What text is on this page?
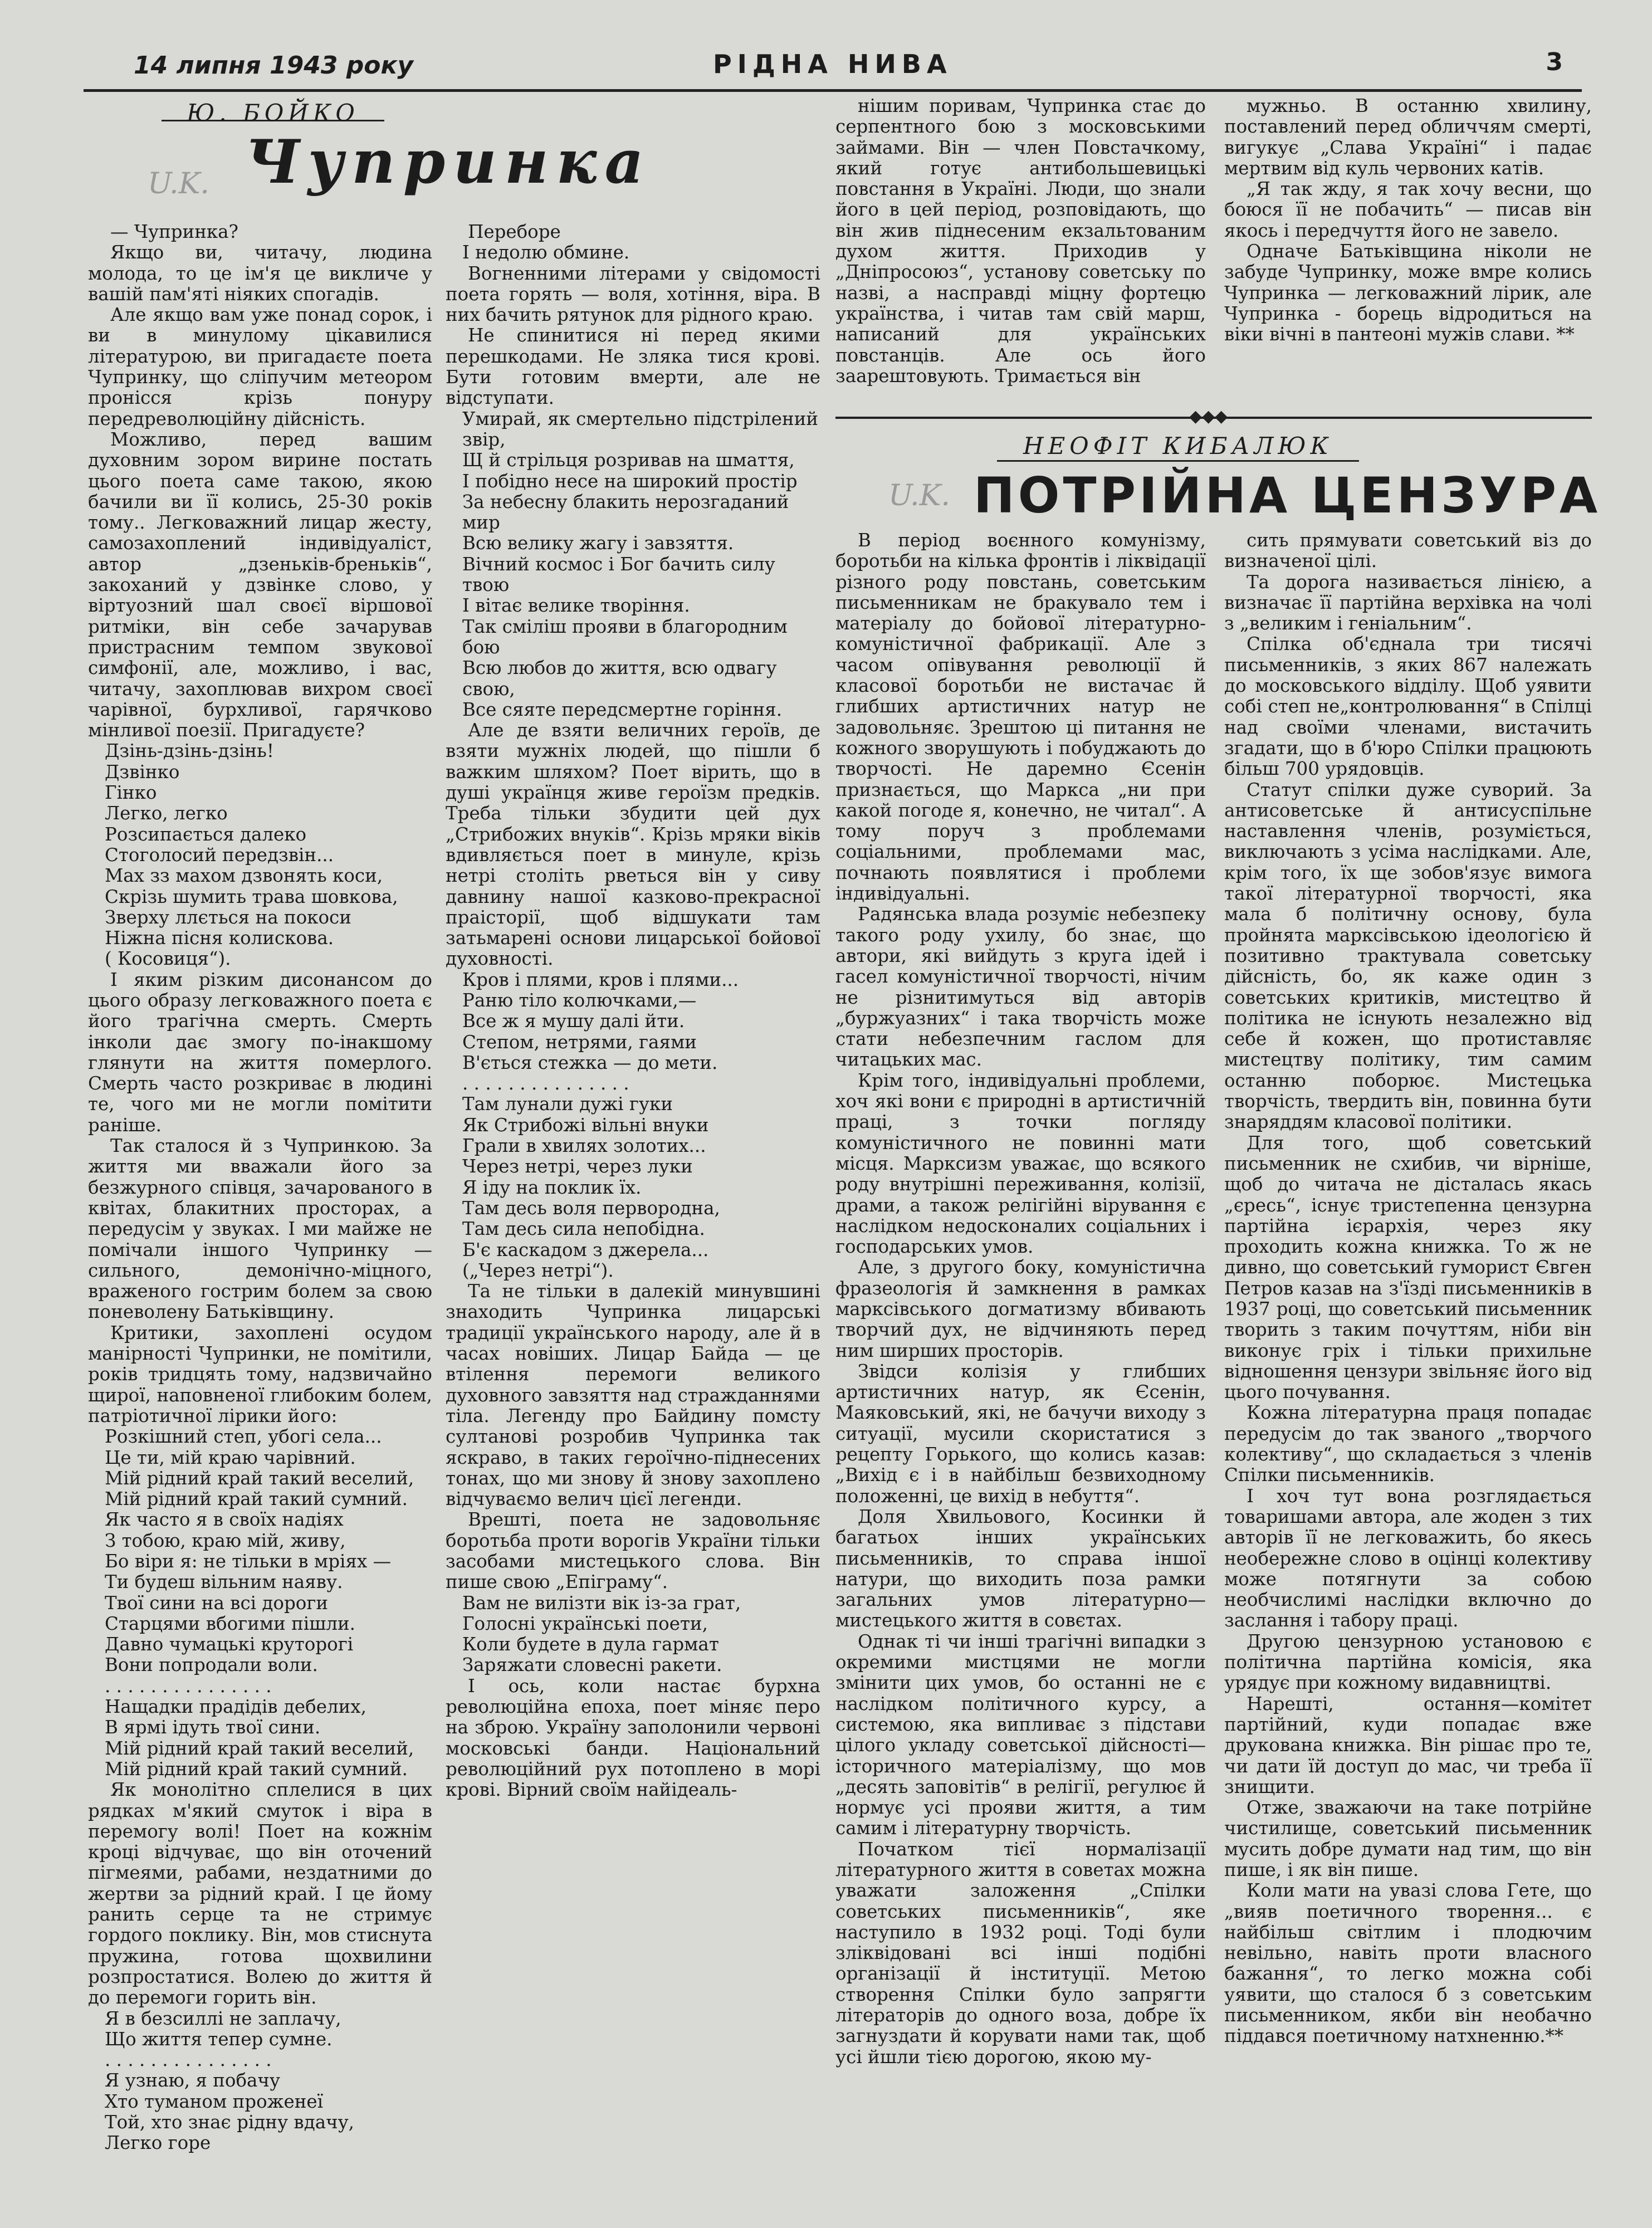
14 липня 1943 року	РІДНА НИВА	3
Ю. БОЙКО
U.K. Чупринка

— Чупринка?

Якщо ви, читачу, людина молода, то це ім'я це викличе у вашій пам'яті ніяких спогадів.

Але якщо вам уже понад сорок, і ви в минулому цікавилися літературою, ви пригадаєте поета Чупринку, що сліпучим метеором пронісся крізь понуру передреволюційну дійсність.

Можливо, перед вашим духовним зором вирине постать цього поета саме такою, якою бачили ви її колись, 25-30 років тому.. Легковажний лицар жесту, самозахоплений індивідуаліст, автор „дзеньків-бреньків“, закоханий у дзвінке слово, у віртуозний шал своєї віршової ритміки, він себе зачарував пристрасним темпом звукової симфонії, але, можливо, і вас, читачу, захоплював вихром своєї чарівної, бурхливої, гарячково мінливої поезії. Пригадуєте?

Дзінь-дзінь-дзінь!

Дзвінко

Гінко

Легко, легко

Розсипається далеко

Стоголосий передзвін...

Мах зз махом дзвонять коси,

Скрізь шумить трава шовкова,

Зверху ллється на покоси

Ніжна пісня колискова.

( Косовиця“).

І яким різким дисонансом до цього образу легковажного поета є його трагічна смерть. Смерть інколи дає змогу по-інакшому глянути на життя померлого. Смерть часто розкриває в людині те, чого ми не могли помітити раніше.

Так сталося й з Чупринкою. За життя ми вважали його за безжурного співця, зачарованого в квітах, блакитних просторах, а передусім у звуках. І ми майже не помічали іншого Чупринку — сильного, демонічно-міцного, враженого гострим болем за свою поневолену Батьківщину.

Критики, захоплені осудом манірності Чупринки, не помітили, років тридцять тому, надзвичайно щирої, наповненої глибоким болем, патріотичної лірики його:

Розкішний степ, убогі села...

Це ти, мій краю чарівний.

Мій рідний край такий веселий,

Мій рідний край такий сумний.

Як часто я в своїх надіях

З тобою, краю мій, живу,

Бо віри я: не тільки в мріях —

Ти будеш вільним наяву.

Твої сини на всі дороги

Старцями вбогими пішли.

Давно чумацькі круторогі

Вони попродали воли.

. . . . . . . . . . . . . . .

Нащадки прадідів дебелих,

В ярмі ідуть твої сини.

Мій рідний край такий веселий,

Мій рідний край такий сумний.

Як монолітно сплелися в цих рядках м'який смуток і віра в перемогу волі! Поет на кожнім кроці відчуває, що він оточений пігмеями, рабами, нездатними до жертви за рідний край. І це йому ранить серце та не стримує гордого поклику. Він, мов стиснута пружина, готова щохвилини розпростатися. Волею до життя й до перемоги горить він.

Я в безсиллі не заплачу,

Що життя тепер сумне.

. . . . . . . . . . . . . . .

Я узнаю, я побачу

Хто туманом проженеї

Той, хто знає рідну вдачу,

Легко горе

Переборе

І недолю обмине.

Вогненними літерами у свідомості поета горять — воля, хотіння, віра. В них бачить рятунок для рідного краю.

Не спинитися ні перед якими перешкодами. Не зляка тися крові. Бути готовим вмерти, але не відступати.

Умирай, як смертельно підстрілений звір,

Щ й стрільця розривав на шмаття,

І побідно несе на широкий простір

За небесну блакить нерозгаданий мир

Всю велику жагу і завзяття.

Вічний космос і Бог бачить силу твою

І вітає велике творіння.

Так сміліш прояви в благородним бою

Всю любов до життя, всю одвагу свою,

Все сяяте передсмертне горіння.

Але де взяти величних героїв, де взяти мужніх людей, що пішли б важким шляхом? Поет вірить, що в душі українця живе героїзм предків. Треба тільки збудити цей дух „Стрибожих внуків“. Крізь мряки віків вдивляється поет в минуле, крізь нетрі століть рветься він у сиву давнину нашої казково-прекрасної праісторії, щоб відшукати там затьмарені основи лицарської бойової духовності.

Кров і плями, кров і плями...

Раню тіло колючками,—

Все ж я мушу далі йти.

Степом, нетрями, гаями

В'ється стежка — до мети.

. . . . . . . . . . . . . . .

Там лунали дужі гуки

Як Стрибожі вільні внуки

Грали в хвилях золотих...

Через нетрі, через луки

Я іду на поклик їх.

Там десь воля первородна,

Там десь сила непобідна.

Б'є каскадом з джерела...

(„Через нетрі“).

Та не тільки в далекій минувшині знаходить Чупринка лицарські традиції українського народу, але й в часах новіших. Лицар Байда — це втілення перемоги великого духовного завзяття над стражданнями тіла. Легенду про Байдину помсту султанові розробив Чупринка так яскраво, в таких героїчно-піднесених тонах, що ми знову й знову захоплено відчуваємо велич цієї легенди.

Врешті, поета не задовольняє боротьба проти ворогів України тільки засобами мистецького слова. Він пише свою „Епіграму“.

Вам не вилізти вік із-за грат,

Голосні українські поети,

Коли будете в дула гармат

Заряжати словесні ракети.

І ось, коли настає бурхна революційна епоха, поет міняє перо на зброю. Україну заполонили червоні московські банди. Національний революційний рух потоплено в морі крові. Вірний своїм найідеаль-

нішим поривам, Чупринка стає до серпентного бою з московськими займами. Він — член Повстачкому, який готує антибольшевицькі повстання в Україні. Люди, що знали його в цей період, розповідають, що він жив піднесеним екзальтованим духом життя. Приходив у „Дніпросоюз“, установу советську по назві, а насправді міцну фортецю українства, і читав там свій марш, написаний для українських повстанців. Але ось його заарештовують. Тримається він

мужньо. В останню хвилину, поставлений перед обличчям смерті, вигукує „Слава Україні“ і падає мертвим від куль червоних катів.

„Я так жду, я так хочу весни, що боюся її не побачить“ — писав він якось і передчуття його не завело.

Одначе Батьківщина ніколи не забуде Чупринку, може вмре колись Чупринка — легковажний лірик, але Чупринка - борець відродиться на віки вічні в пантеоні мужів слави. **

◆◆◆
НЕОФІТ КИБАЛЮК
U.K. ПОТРІЙНА ЦЕНЗУРА

В період воєнного комунізму, боротьби на кілька фронтів і ліквідації різного роду повстань, советським письменникам не бракувало тем і матеріалу до бойової літературно-комуністичної фабрикації. Але з часом опівування революції й класової боротьби не вистачає й глибших артистичних натур не задовольняє. Зрештою ці питання не кожного зворушують і побуджають до творчості. Не даремно Єсенін признається, що Маркса „ни при какой погоде я, конечно, не читал“. А тому поруч з проблемами соціальними, проблемами мас, почнають появлятися і проблеми індивідуальні.

Радянська влада розуміє небезпеку такого роду ухилу, бо знає, що автори, які вийдуть з круга ідей і гасел комуністичної творчості, нічим не різнитимуться від авторів „буржуазних“ і така творчість може стати небезпечним гаслом для читацьких мас.

Крім того, індивідуальні проблеми, хоч які вони є природні в артистичній праці, з точки погляду комуністичного не повинні мати місця. Марксизм уважає, що всякого роду внутрішні переживання, колізії, драми, а також релігійні вірування є наслідком недосконалих соціальних і господарських умов.

Але, з другого боку, комуністична фразеологія й замкнення в рамках марксівського догматизму вбивають творчий дух, не відчиняють перед ним ширших просторів.

Звідси колізія у глибших артистичних натур, як Єсенін, Маяковський, які, не бачучи виходу з ситуації, мусили скористатися з рецепту Горького, що колись казав: „Вихід є і в найбільш безвиходному положенні, це вихід в небуття“.

Доля Хвильового, Косинки й багатьох інших українських письменників, то справа іншої натури, що виходить поза рамки загальних умов літературно—мистецького життя в совєтах.

Однак ті чи інші трагічні випадки з окремими мистцями не могли змінити цих умов, бо останні не є наслідком політичного курсу, а системою, яка випливає з підстави цілого укладу советської дійсності—історичного матеріалізму, що мов „десять заповітів“ в релігії, регулює й нормує усі прояви життя, а тим самим і літературну творчість.

Початком тієї нормалізації літературного життя в советах можна уважати заложення „Спілки советських письменників“, яке наступило в 1932 році. Тоді були зліквідовані всі інші подібні організації й інституції. Метою створення Спілки було запрягти літераторів до одного воза, добре їх загнуздати й корувати нами так, щоб усі йшли тією дорогою, якою му-

сить прямувати советський віз до визначеної цілі.

Та дорога називається лінією, а визначає її партійна верхівка на чолі з „великим і геніальним“.

Спілка об'єднала три тисячі письменників, з яких 867 належать до московського відділу. Щоб уявити собі степ не„контролювання“ в Спілці над своїми членами, вистачить згадати, що в б'юро Спілки працюють більш 700 урядовців.

Статут спілки дуже суворий. За антисоветське й антисуспільне наставлення членів, розуміється, виключають з усіма наслідками. Але, крім того, їх ще зобов'язує вимога такої літературної творчості, яка мала б політичну основу, була пройнята марксівською ідеологією й позитивно трактувала советську дійсність, бо, як каже один з советських критиків, мистецтво й політика не існують незалежно від себе й кожен, що протиставляє мистецтву політику, тим самим останню поборює. Мистецька творчість, твердить він, повинна бути знаряддям класової політики.

Для того, щоб советський письменник не схибив, чи вірніше, щоб до читача не дісталась якась „єресь“, існує тристепенна цензурна партійна ієрархія, через яку проходить кожна книжка. То ж не дивно, що советський гуморист Євген Петров казав на з'їзді письменників в 1937 році, що советський письменник творить з таким почуттям, ніби він виконує гріх і тільки прихильне відношення цензури звільняє його від цього почування.

Кожна літературна праця попадає передусім до так званого „творчого колективу“, що складається з членів Спілки письменників.

І хоч тут вона розглядається товаришами автора, але жоден з тих авторів її не легковажить, бо якесь необережне слово в оцінці колективу може потягнути за собою необчислимі наслідки включно до заслання і табору праці.

Другою цензурною установою є політична партійна комісія, яка урядує при кожному видавництві.

Нарешті, остання—комітет партійний, куди попадає вже друкована книжка. Він рішає про те, чи дати їй доступ до мас, чи треба її знищити.

Отже, зважаючи на таке потрійне чистилище, советський письменник мусить добре думати над тим, що він пише, і як він пише.

Коли мати на увазі слова Гете, що „вияв поетичного творення... є найбільш світлим і плодючим невільно, навіть проти власного бажання“, то легко можна собі уявити, що сталося б з советським письменником, якби він необачно піддався поетичному натхненню.**
